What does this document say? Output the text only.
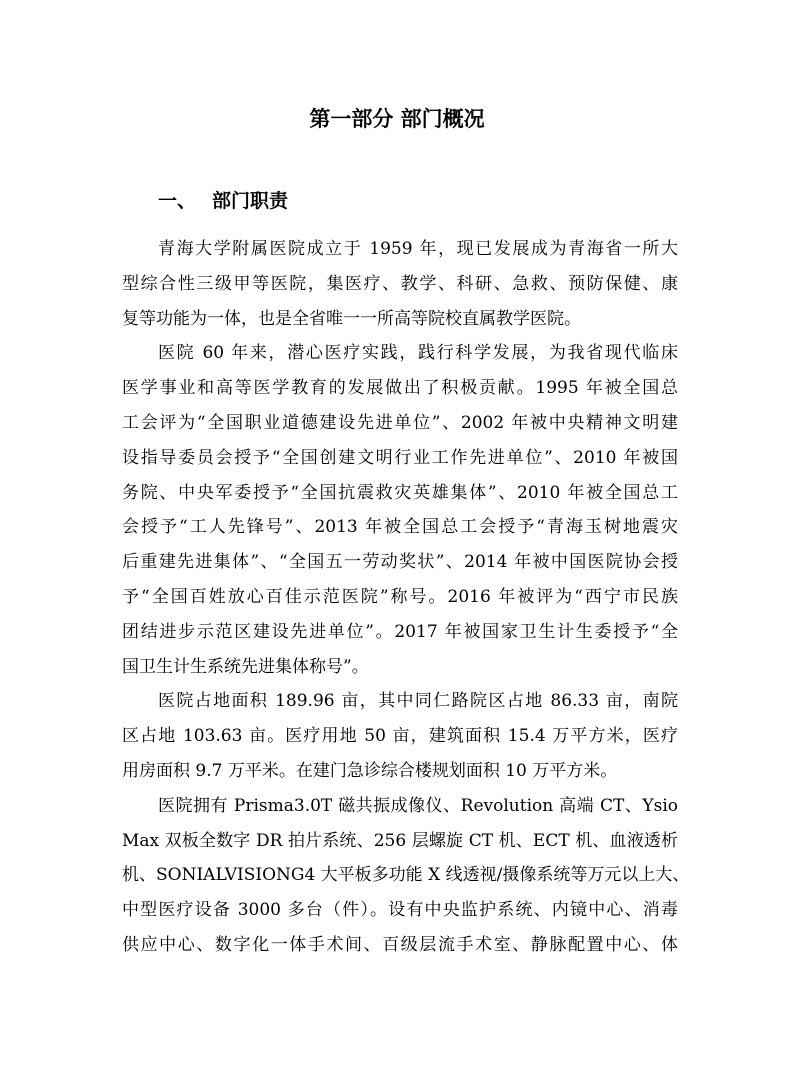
第一部分 部门概况
一、 部门职责
青海大学附属医院成立于 1959 年，现已发展成为青海省一所大
型综合性三级甲等医院，集医疗、教学、科研、急救、预防保健、康
复等功能为一体，也是全省唯一一所高等院校直属教学医院。
医院 60 年来，潜心医疗实践，践行科学发展，为我省现代临床
医学事业和高等医学教育的发展做出了积极贡献。1995 年被全国总
工会评为“全国职业道德建设先进单位”、2002 年被中央精神文明建
设指导委员会授予“全国创建文明行业工作先进单位”、2010 年被国
务院、中央军委授予“全国抗震救灾英雄集体”、2010 年被全国总工
会授予“工人先锋号”、2013 年被全国总工会授予“青海玉树地震灾
后重建先进集体”、“全国五一劳动奖状”、2014 年被中国医院协会授
予“全国百姓放心百佳示范医院”称号。2016 年被评为“西宁市民族
团结进步示范区建设先进单位”。2017 年被国家卫生计生委授予“全
国卫生计生系统先进集体称号”。
医院占地面积 189.96 亩，其中同仁路院区占地 86.33 亩，南院
区占地 103.63 亩。医疗用地 50 亩，建筑面积 15.4 万平方米，医疗
用房面积 9.7 万平米。在建门急诊综合楼规划面积 10 万平方米。
医院拥有 Prisma3.0T 磁共振成像仪、Revolution 高端 CT、Ysio
Max 双板全数字 DR 拍片系统、256 层螺旋 CT 机、ECT 机、血液透析
机、SONIALVISIONG4 大平板多功能 X 线透视/摄像系统等万元以上大、
中型医疗设备 3000 多台（件）。设有中央监护系统、内镜中心、消毒
供应中心、数字化一体手术间、百级层流手术室、静脉配置中心、体
